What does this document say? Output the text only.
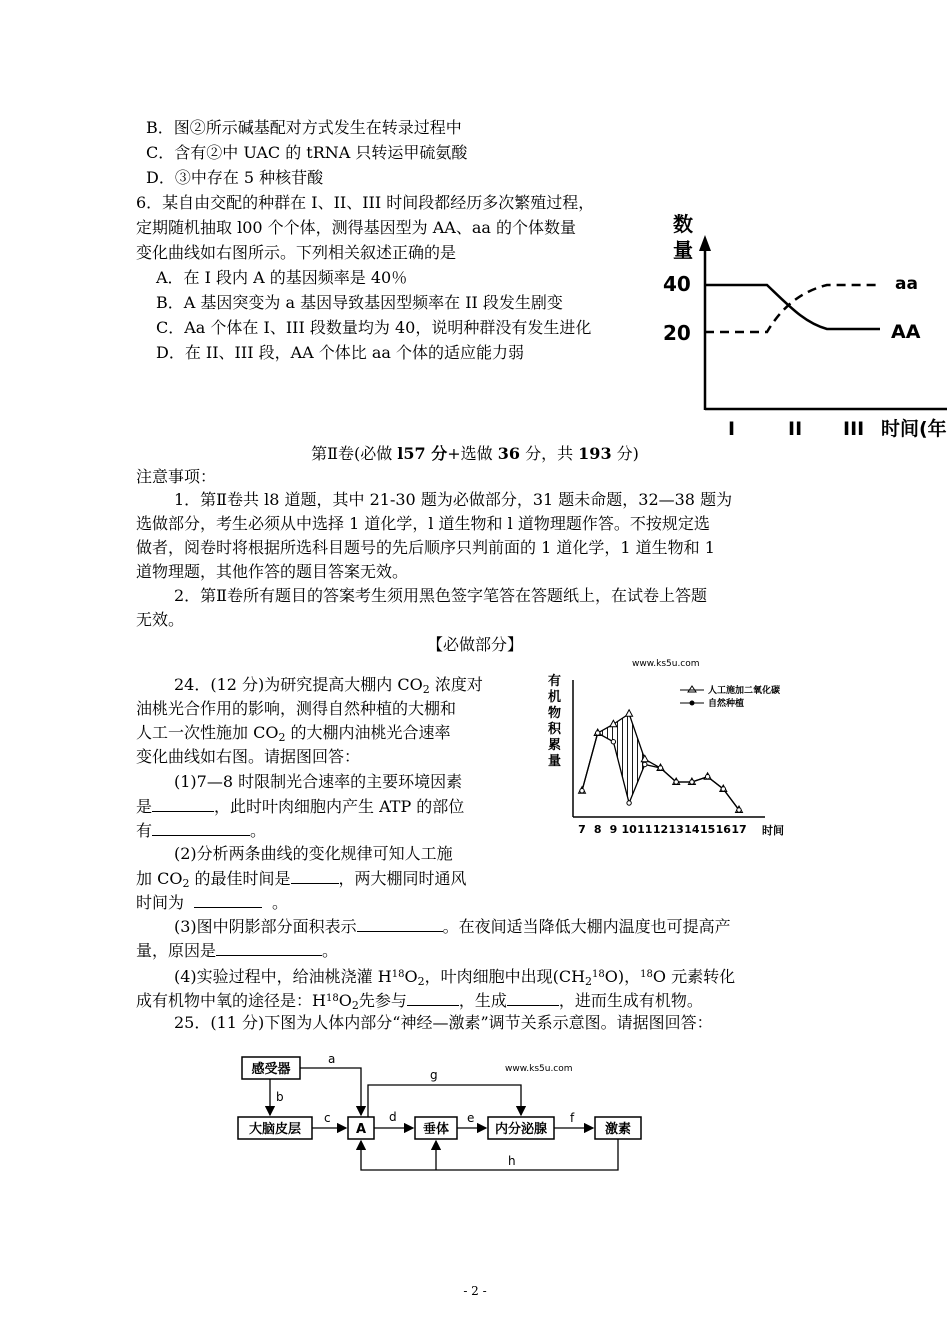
B．图②所示碱基配对方式发生在转录过程中
C．含有②中 UAC 的 tRNA 只转运甲硫氨酸
D．③中存在 5 种核苷酸
6．某自由交配的种群在 I、II、III 时间段都经历多次繁殖过程，
定期随机抽取 l00 个个体，测得基因型为 AA、aa 的个体数量
变化曲线如右图所示。下列相关叙述正确的是
A．在 I 段内 A 的基因频率是 40％
B．A 基因突变为 a 基因导致基因型频率在 II 段发生剧变
C．Aa 个体在 I、III 段数量均为 40，说明种群没有发生进化
D．在 II、III 段，AA 个体比 aa 个体的适应能力弱
数
量
40
20
aa
AA
I	II III 时间(年
第Ⅱ卷(必做 l57 分+选做 36 分，共 193 分)
注意事项：
1．第Ⅱ卷共 l8 道题，其中 21-30 题为必做部分，31 题未命题，32—38 题为
选做部分，考生必须从中选择 1 道化学，l 道生物和 l 道物理题作答。不按规定选
做者，阅卷时将根据所选科目题号的先后顺序只判前面的 1 道化学，1 道生物和 1
道物理题，其他作答的题目答案无效。
2．第Ⅱ卷所有题目的答案考生须用黑色签字笔答在答题纸上，在试卷上答题
无效。
【必做部分】
24．(12 分)为研究提高大棚内 $CO_2$ 浓度对
油桃光合作用的影响，测得自然种植的大棚和
人工一次性施加 $CO_2$ 的大棚内油桃光合速率
变化曲线如右图。请据图回答：
(1)7—8 时限制光合速率的主要环境因素
是	，此时叶肉细胞内产生 ATP 的部位
有	。
(2)分析两条曲线的变化规律可知人工施
加 $CO_2$ 的最佳时间是	，两大棚同时通风
时间为	。
(3)图中阴影部分面积表示	。在夜间适当降低大棚内温度也可提高产
量，原因是	。
(4)实验过程中，给油桃浇灌 $H^{18}O_2$，叶肉细胞中出现$(CH_2^{18}O)$，$^{18}$O 元素转化
成有机物中氧的途径是：$H^{18}O_2$先参与	，生成	，进而生成有机物。
www.ks5u.com
有
机
物
积
累
量
人工施加二氧化碳
自然种植
7 8 9 10 11 12 13 14 15 16 17 时间
25．(11 分)下图为人体内部分“神经—激素”调节关系示意图。请据图回答：
www.ks5u.com
感受器
大脑皮层	A	垂体	内分泌腺	激素
a
b
c	d	e	f
g
h
- 2 -
